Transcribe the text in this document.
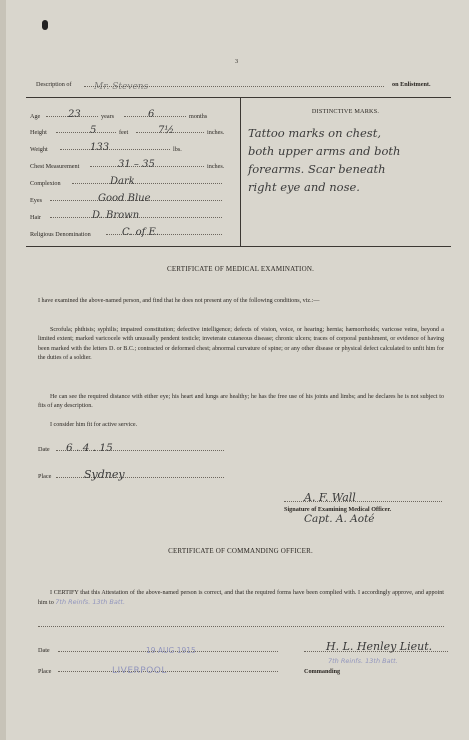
3
Description of	Mr. Stevens	on Enlistment.
Age	23	years	6	months
Height	5	feet	7½	inches.
Weight	133	lbs.
Chest Measurement	31 – 35	inches.
Complexion	Dark
Eyes	Good Blue
Hair	D. Brown
Religious Denomination	C. of E.
DISTINCTIVE MARKS.
Tattoo marks on chest,
both upper arms and both
forearms. Scar beneath
right eye and nose.
CERTIFICATE OF MEDICAL EXAMINATION.
I have examined the above-named person, and find that he does not present any of the following conditions, viz.:—
Scrofula; phthisis; syphilis; impaired constitution; defective intelligence; defects of vision, voice, or hearing; hernia; hæmorrhoids; varicose veins, beyond a limited extent; marked varicocele with unusually pendent testicle; inveterate cutaneous disease; chronic ulcers; traces of corporal punishment, or evidence of having been marked with the letters D. or B.C.; contracted or deformed chest; abnormal curvature of spine; or any other disease or physical defect calculated to unfit him for the duties of a soldier.
He can see the required distance with either eye; his heart and lungs are healthy; he has the free use of his joints and limbs; and he declares he is not subject to fits of any description.
I consider him fit for active service.
Date	6 . 4 . 15
Place	Sydney
A. F. Wall
Signature of Examining Medical Officer.
Capt. A. Aoté
CERTIFICATE OF COMMANDING OFFICER.
I CERTIFY that this Attestation of the above-named person is correct, and that the required forms have been complied with. I accordingly approve, and appoint him to 7th Reinfs. 13th Batt.
Date	19 AUG 1915
Place	LIVERPOOL
H. L. Henley Lieut.
7th Reinfs. 13th Batt.
Commanding
